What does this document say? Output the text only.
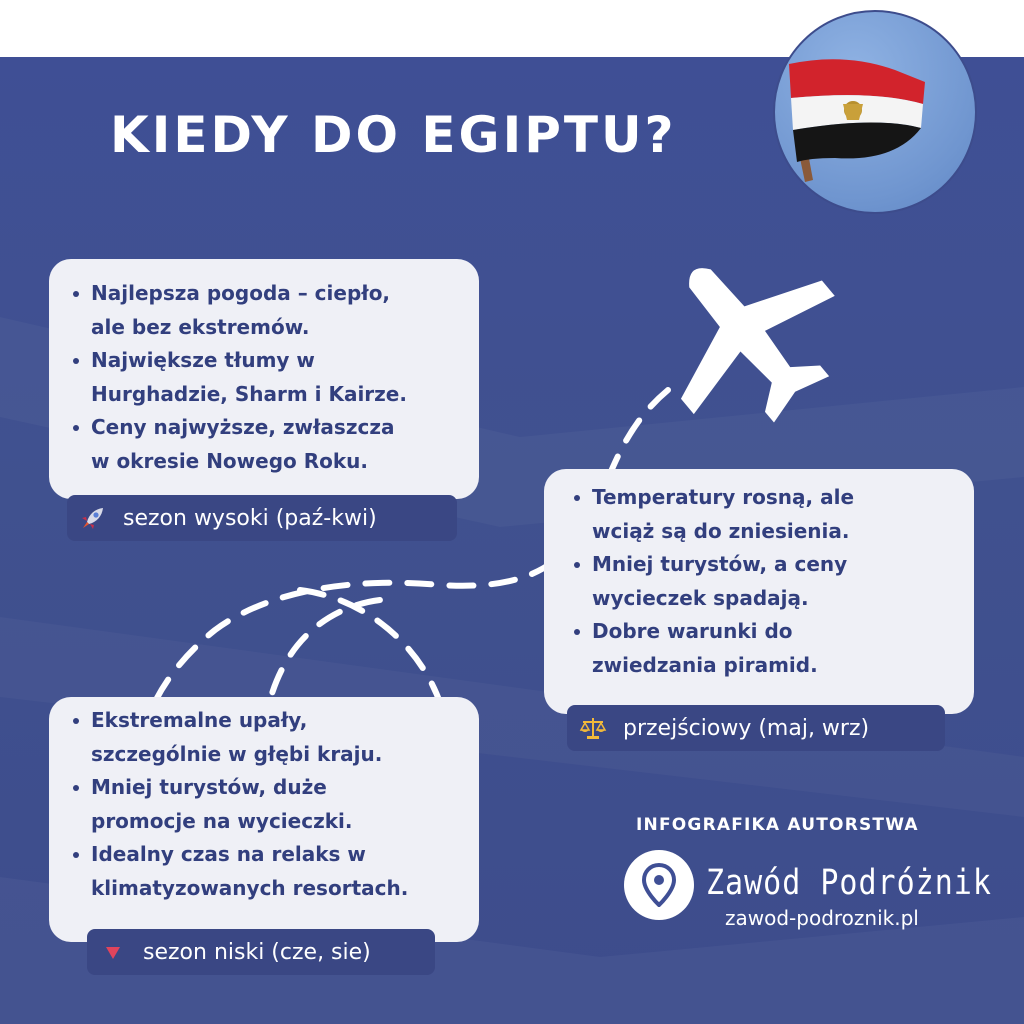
KIEDY DO EGIPTU?
Najlepsza pogoda – ciepło,
ale bez ekstremów.
Największe tłumy w
Hurghadzie, Sharm i Kairze.
Ceny najwyższe, zwłaszcza
w okresie Nowego Roku.
sezon wysoki (paź-kwi)
Temperatury rosną, ale
wciąż są do zniesienia.
Mniej turystów, a ceny
wycieczek spadają.
Dobre warunki do
zwiedzania piramid.
przejściowy (maj, wrz)
Ekstremalne upały,
szczególnie w głębi kraju.
Mniej turystów, duże
promocje na wycieczki.
Idealny czas na relaks w
klimatyzowanych resortach.
sezon niski (cze, sie)
INFOGRAFIKA AUTORSTWA
Zawód Podróżnik
zawod-podroznik.pl
